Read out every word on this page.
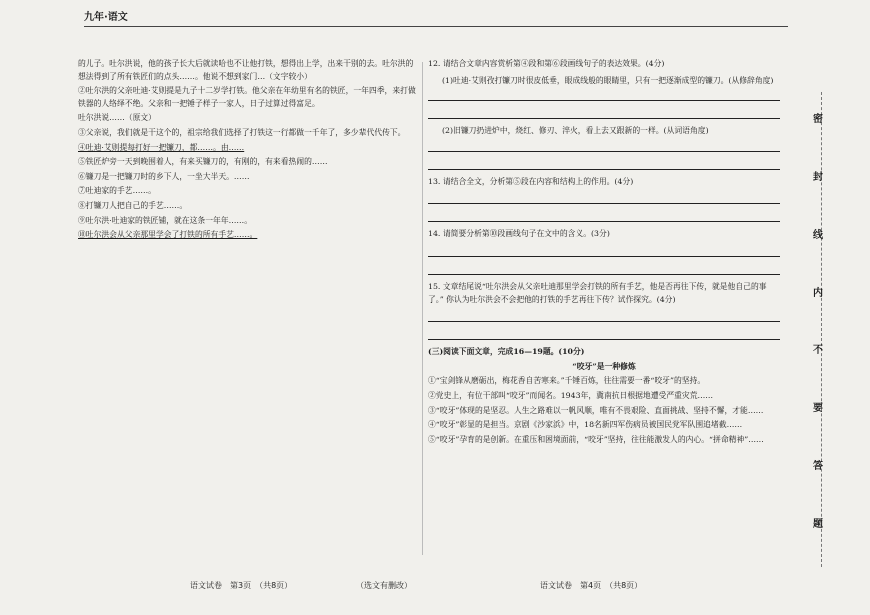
九年·语文

的儿子。吐尔洪说，他的孩子长大后就读哈也不让他打铁，想得出上学，出来干别的去。吐尔洪的想法得到了所有铁匠们的点头……。他说不想到家门…（文字较小）

②吐尔洪的父亲吐迪·艾则提是九子十二岁学打铁。他父亲在年幼里有名的铁匠，一年四季，来打做铁器的人络绎不绝。父亲和一把锤子样子一家人，日子过算过得富足。

吐尔洪说……（原文）

③父亲说，我们就是干这个的，祖宗给我们选择了打铁这一行都做一千年了，多少辈代代传下。

④吐迪·艾则提每打好一把镰刀，都……。由……

⑤铁匠炉旁一天到晚围着人，有来买镰刀的，有刚的，有来看热闹的……

⑥镰刀是一把镰刀时的乡下人，一坐大半天。……

⑦吐迪家的手艺……。

⑧打镰刀人把自己的手艺……。

⑨吐尔洪·吐迪家的铁匠铺，就在这条一年年……。

⑩吐尔洪会从父亲那里学会了打铁的所有手艺……。

12. 请结合文章内容赏析第④段和第⑥段画线句子的表达效果。(4分)

(1)吐迪·艾则孜打镰刀时很皮低垂，眼成线般的眼睛里，只有一把逐渐成型的镰刀。(从修辞角度)

(2)旧镰刀扔进炉中，烧红、修刃、淬火，看上去又跟新的一样。(从词语角度)

13. 请结合全文，分析第⑤段在内容和结构上的作用。(4分)

14. 请简要分析第⑩段画线句子在文中的含义。(3分)

15. 文章结尾说“吐尔洪会从父亲吐迪那里学会打铁的所有手艺，他是否再往下传，就是他自己的事了。” 你认为吐尔洪会不会把他的打铁的手艺再往下传？试作探究。(4分)

(三)阅读下面文章，完成16—19题。(10分)

“咬牙”是一种修炼

①“宝剑锋从磨砺出，梅花香自苦寒来。”千锤百炼，往往需要一番“咬牙”的坚持。

②党史上，有位干部叫“咬牙”而闻名。1943年，冀南抗日根据地遭受严重灾荒……

③“咬牙”体现的是坚忍。人生之路难以一帆风顺，唯有不畏艰险、直面挑战、坚持不懈，才能……

④“咬牙”彰显的是担当。京剧《沙家浜》中，18名新四军伤病员被国民党军队围追堵截……

⑤“咬牙”孕育的是创新。在重压和困境面前，“咬牙”坚持，往往能激发人的内心。“拼命精神”……

密
封
线
内
不
要
答
题
语文试卷　第3页　（共8页）	（选文有删改）	语文试卷　第4页　（共8页）
